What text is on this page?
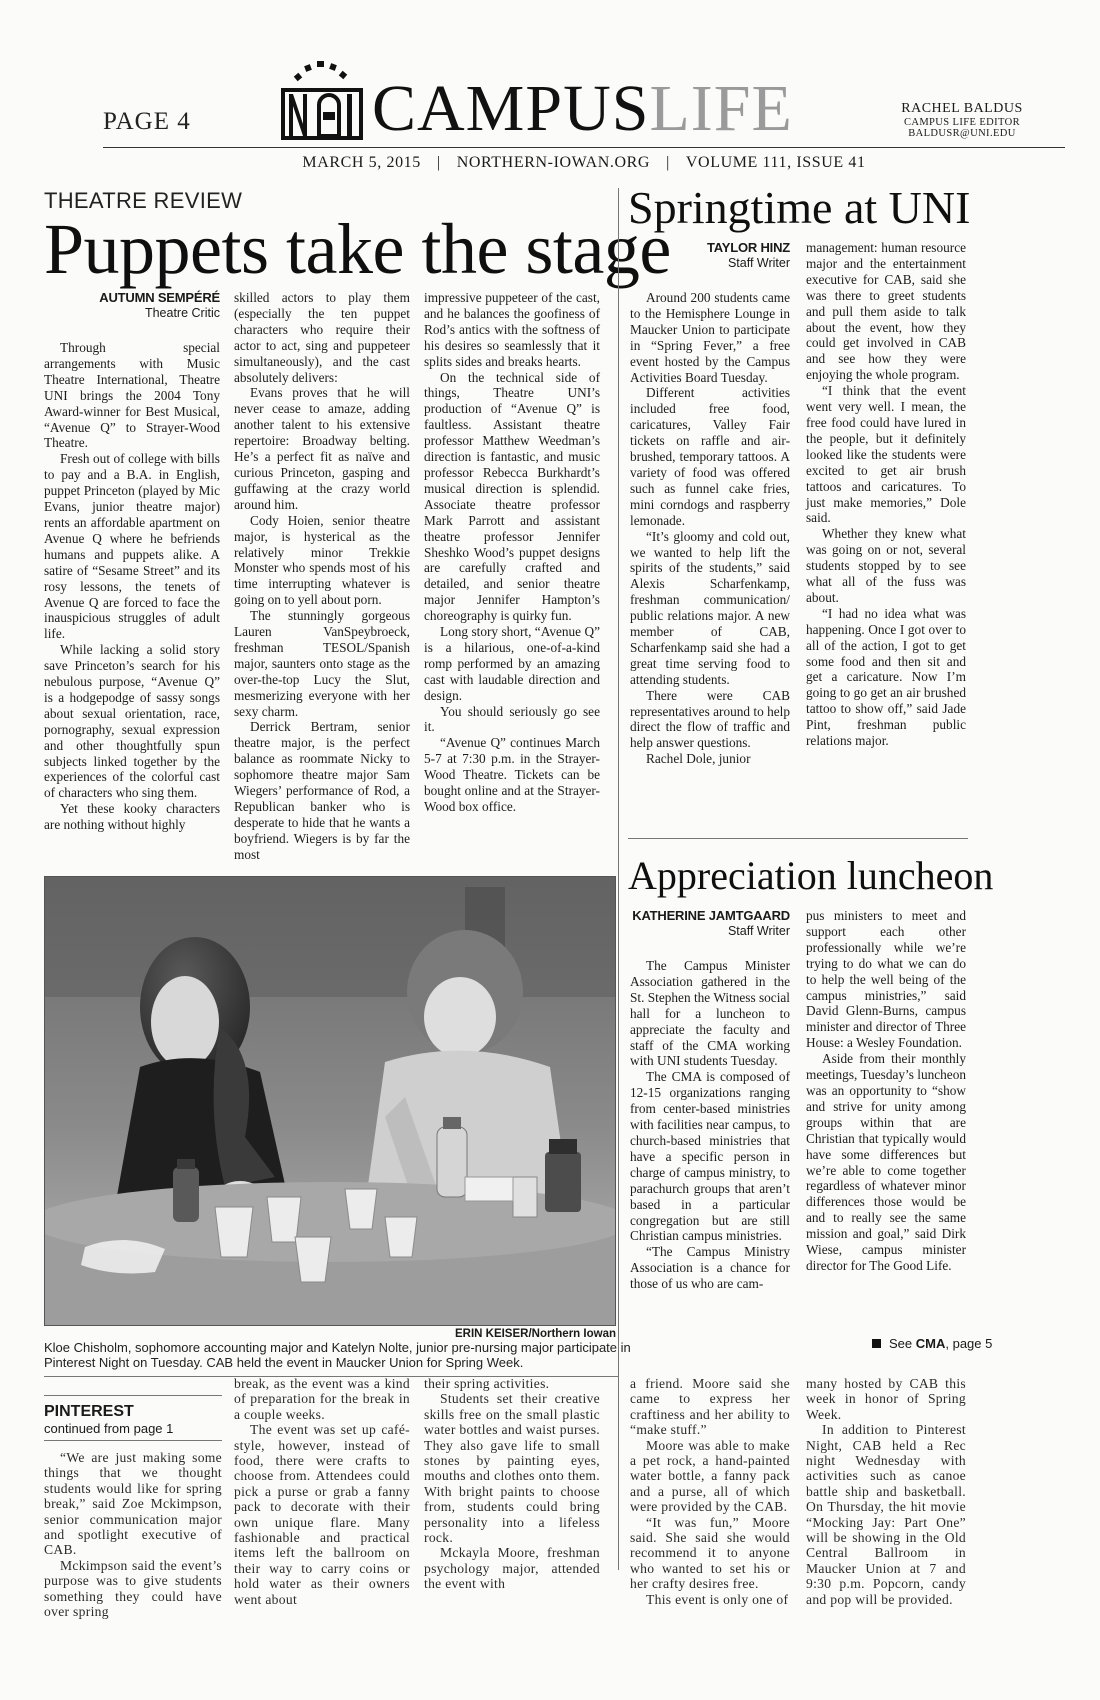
PAGE 4	CAMPUSLIFE	RACHEL BALDUS
CAMPUS LIFE EDITOR
BALDUSR@UNI.EDU
MARCH 5, 2015 | NORTHERN-IOWAN.ORG | VOLUME 111, ISSUE 41
THEATRE REVIEW
Puppets take the stage
AUTUMN SEMPÉRÉ
Theatre Critic

Through special arrangements with Music Theatre International, Theatre UNI brings the 2004 Tony Award-winner for Best Musical, “Avenue Q” to Strayer-Wood Theatre.

Fresh out of college with bills to pay and a B.A. in English, puppet Princeton (played by Mic Evans, junior theatre major) rents an affordable apartment on Avenue Q where he befriends humans and puppets alike. A satire of “Sesame Street” and its rosy lessons, the tenets of Avenue Q are forced to face the inauspicious struggles of adult life.

While lacking a solid story save Princeton’s search for his nebulous purpose, “Avenue Q” is a hodgepodge of sassy songs about sexual orientation, race, pornography, sexual expression and other thoughtfully spun subjects linked together by the experiences of the colorful cast of characters who sing them.

Yet these kooky characters are nothing without highly

skilled actors to play them (especially the ten puppet characters who require their actor to act, sing and puppeteer simultaneously), and the cast absolutely delivers:

Evans proves that he will never cease to amaze, adding another talent to his extensive repertoire: Broadway belting. He’s a perfect fit as naïve and curious Princeton, gasping and guffawing at the crazy world around him.

Cody Hoien, senior theatre major, is hysterical as the relatively minor Trekkie Monster who spends most of his time interrupting whatever is going on to yell about porn.

The stunningly gorgeous Lauren VanSpeybroeck, freshman TESOL/Spanish major, saunters onto stage as the over-the-top Lucy the Slut, mesmerizing everyone with her sexy charm.

Derrick Bertram, senior theatre major, is the perfect balance as roommate Nicky to sophomore theatre major Sam Wiegers’ performance of Rod, a Republican banker who is desperate to hide that he wants a boyfriend. Wiegers is by far the most

impressive puppeteer of the cast, and he balances the goofiness of Rod’s antics with the softness of his desires so seamlessly that it splits sides and breaks hearts.

On the technical side of things, Theatre UNI’s production of “Avenue Q” is faultless. Assistant theatre professor Matthew Weedman’s direction is fantastic, and music professor Rebecca Burkhardt’s musical direction is splendid. Associate theatre professor Mark Parrott and assistant theatre professor Jennifer Sheshko Wood’s puppet designs are carefully crafted and detailed, and senior theatre major Jennifer Hampton’s choreography is quirky fun.

Long story short, “Avenue Q” is a hilarious, one-of-a-kind romp performed by an amazing cast with laudable direction and design.

You should seriously go see it.

“Avenue Q” continues March 5-7 at 7:30 p.m. in the Strayer-Wood Theatre. Tickets can be bought online and at the Strayer-Wood box office.

Springtime at UNI
TAYLOR HINZ
Staff Writer

Around 200 students came to the Hemisphere Lounge in Maucker Union to participate in “Spring Fever,” a free event hosted by the Campus Activities Board Tuesday.

Different activities included free food, caricatures, Valley Fair tickets on raffle and air-brushed, temporary tattoos. A variety of food was offered such as funnel cake fries, mini corndogs and raspberry lemonade.

“It’s gloomy and cold out, we wanted to help lift the spirits of the students,” said Alexis Scharfenkamp, freshman communication/ public relations major. A new member of CAB, Scharfenkamp said she had a great time serving food to attending students.

There were CAB representatives around to help direct the flow of traffic and help answer questions.

Rachel Dole, junior

management: human resource major and the entertainment executive for CAB, said she was there to greet students and pull them aside to talk about the event, how they could get involved in CAB and see how they were enjoying the whole program.

“I think that the event went very well. I mean, the free food could have lured in the people, but it definitely looked like the students were excited to get air brush tattoos and caricatures. To just make memories,” Dole said.

Whether they knew what was going on or not, several students stopped by to see what all of the fuss was about.

“I had no idea what was happening. Once I got over to all of the action, I got to get some food and then sit and get a caricature. Now I’m going to go get an air brushed tattoo to show off,” said Jade Pint, freshman public relations major.

Appreciation luncheon
KATHERINE JAMTGAARD
Staff Writer

The Campus Minister Association gathered in the St. Stephen the Witness social hall for a luncheon to appreciate the faculty and staff of the CMA working with UNI students Tuesday.

The CMA is composed of 12-15 organizations ranging from center-based ministries with facilities near campus, to church-based ministries that have a specific person in charge of campus ministry, to parachurch groups that aren’t based in a particular congregation but are still Christian campus ministries.

“The Campus Ministry Association is a chance for those of us who are cam-

pus ministers to meet and support each other professionally while we’re trying to do what we can do to help the well being of the campus ministries,” said David Glenn-Burns, campus minister and director of Three House: a Wesley Foundation.

Aside from their monthly meetings, Tuesday’s luncheon was an opportunity to “show and strive for unity among groups within that are Christian that typically would have some differences but we’re able to come together regardless of whatever minor differences those would be and to really see the same mission and goal,” said Dirk Wiese, campus minister director for The Good Life.

See CMA, page 5
ERIN KEISER/Northern Iowan
Kloe Chisholm, sophomore accounting major and Katelyn Nolte, junior pre-nursing major participate in Pinterest Night on Tuesday. CAB held the event in Maucker Union for Spring Week.
PINTEREST
continued from page 1

“We are just making some things that we thought students would like for spring break,” said Zoe Mckimpson, senior communication major and spotlight executive of CAB.

Mckimpson said the event’s purpose was to give students something they could have over spring

break, as the event was a kind of preparation for the break in a couple weeks.

The event was set up café-style, however, instead of food, there were crafts to choose from. Attendees could pick a purse or grab a fanny pack to decorate with their own unique flare. Many fashionable and practical items left the ballroom on their way to carry coins or hold water as their owners went about

their spring activities.

Students set their creative skills free on the small plastic water bottles and waist purses. They also gave life to small stones by painting eyes, mouths and clothes onto them. With bright paints to choose from, students could bring personality into a lifeless rock.

Mckayla Moore, freshman psychology major, attended the event with

a friend. Moore said she came to express her craftiness and her ability to “make stuff.”

Moore was able to make a pet rock, a hand-painted water bottle, a fanny pack and a purse, all of which were provided by the CAB.

“It was fun,” Moore said. She said she would recommend it to anyone who wanted to set his or her crafty desires free.

This event is only one of

many hosted by CAB this week in honor of Spring Week.

In addition to Pinterest Night, CAB held a Rec night Wednesday with activities such as canoe battle ship and basketball. On Thursday, the hit movie “Mocking Jay: Part One” will be showing in the Old Central Ballroom in Maucker Union at 7 and 9:30 p.m. Popcorn, candy and pop will be provided.
